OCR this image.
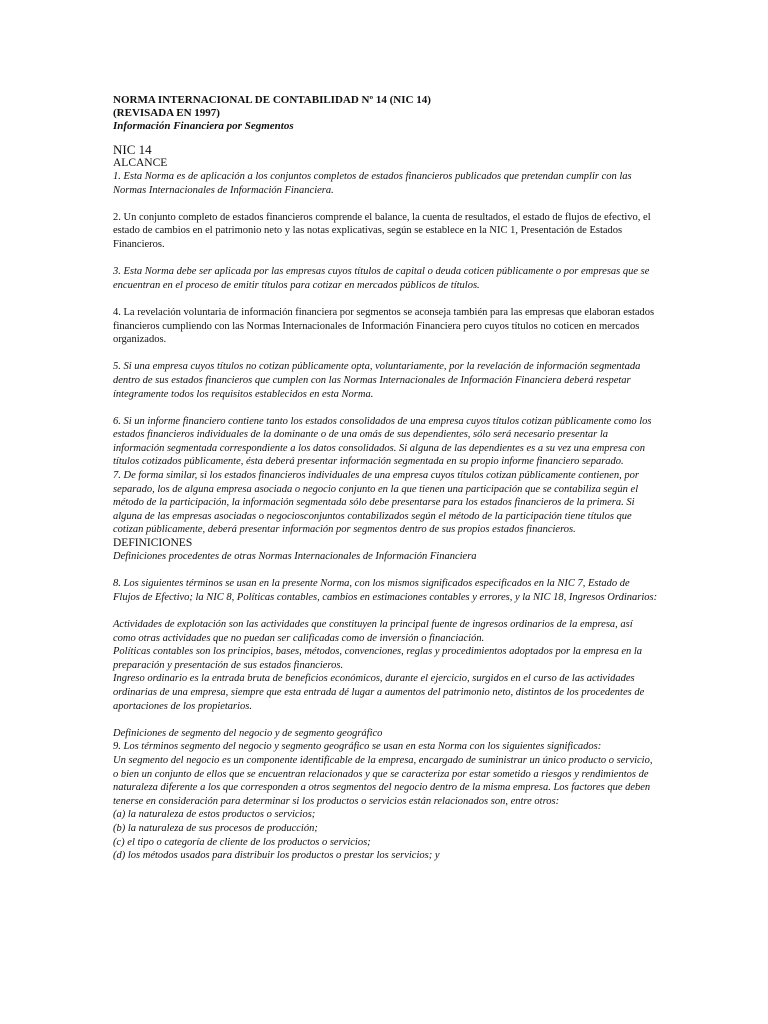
NORMA INTERNACIONAL DE CONTABILIDAD Nº 14 (NIC 14)
(REVISADA EN 1997)
Información Financiera por Segmentos
NIC 14
ALCANCE

1. Esta Norma es de aplicación a los conjuntos completos de estados financieros publicados que pretendan cumplir con las Normas Internacionales de Información Financiera.

2. Un conjunto completo de estados financieros comprende el balance, la cuenta de resultados, el estado de flujos de efectivo, el estado de cambios en el patrimonio neto y las notas explicativas, según se establece en la NIC 1, Presentación de Estados Financieros.

3. Esta Norma debe ser aplicada por las empresas cuyos títulos de capital o deuda coticen públicamente o por empresas que se encuentran en el proceso de emitir títulos para cotizar en mercados públicos de títulos.

4. La revelación voluntaria de información financiera por segmentos se aconseja también para las empresas que elaboran estados financieros cumpliendo con las Normas Internacionales de Información Financiera pero cuyos títulos no coticen en mercados organizados.

5. Si una empresa cuyos títulos no cotizan públicamente opta, voluntariamente, por la revelación de información segmentada dentro de sus estados financieros que cumplen con las Normas Internacionales de Información Financiera deberá respetar íntegramente todos los requisitos establecidos en esta Norma.

6. Si un informe financiero contiene tanto los estados consolidados de una empresa cuyos títulos cotizan públicamente como los estados financieros individuales de la dominante o de una omás de sus dependientes, sólo será necesario presentar la información segmentada correspondiente a los datos consolidados. Si alguna de las dependientes es a su vez una empresa con títulos cotizados públicamente, ésta deberá presentar información segmentada en su propio informe financiero separado.

7. De forma similar, si los estados financieros individuales de una empresa cuyos títulos cotizan públicamente contienen, por separado, los de alguna empresa asociada o negocio conjunto en la que tienen una participación que se contabiliza según el método de la participación, la información segmentada sólo debe presentarse para los estados financieros de la primera. Si alguna de las empresas asociadas o negociosconjuntos contabilizados según el método de la participación tiene títulos que cotizan públicamente, deberá presentar información por segmentos dentro de sus propios estados financieros.

DEFINICIONES

Definiciones procedentes de otras Normas Internacionales de Información Financiera

8. Los siguientes términos se usan en la presente Norma, con los mismos significados especificados en la NIC 7, Estado de Flujos de Efectivo; la NIC 8, Políticas contables, cambios en estimaciones contables y errores, y la NIC 18, Ingresos Ordinarios:

Actividades de explotación son las actividades que constituyen la principal fuente de ingresos ordinarios de la empresa, así como otras actividades que no puedan ser calificadas como de inversión o financiación.

Políticas contables son los principios, bases, métodos, convenciones, reglas y procedimientos adoptados por la empresa en la preparación y presentación de sus estados financieros.

Ingreso ordinario es la entrada bruta de beneficios económicos, durante el ejercicio, surgidos en el curso de las actividades ordinarias de una empresa, siempre que esta entrada dé lugar a aumentos del patrimonio neto, distintos de los procedentes de aportaciones de los propietarios.

Definiciones de segmento del negocio y de segmento geográfico

9. Los términos segmento del negocio y segmento geográfico se usan en esta Norma con los siguientes significados:

Un segmento del negocio es un componente identificable de la empresa, encargado de suministrar un único producto o servicio, o bien un conjunto de ellos que se encuentran relacionados y que se caracteriza por estar sometido a riesgos y rendimientos de naturaleza diferente a los que corresponden a otros segmentos del negocio dentro de la misma empresa. Los factores que deben tenerse en consideración para determinar si los productos o servicios están relacionados son, entre otros:

(a) la naturaleza de estos productos o servicios;

(b) la naturaleza de sus procesos de producción;

(c) el tipo o categoría de cliente de los productos o servicios;

(d) los métodos usados para distribuir los productos o prestar los servicios; y
